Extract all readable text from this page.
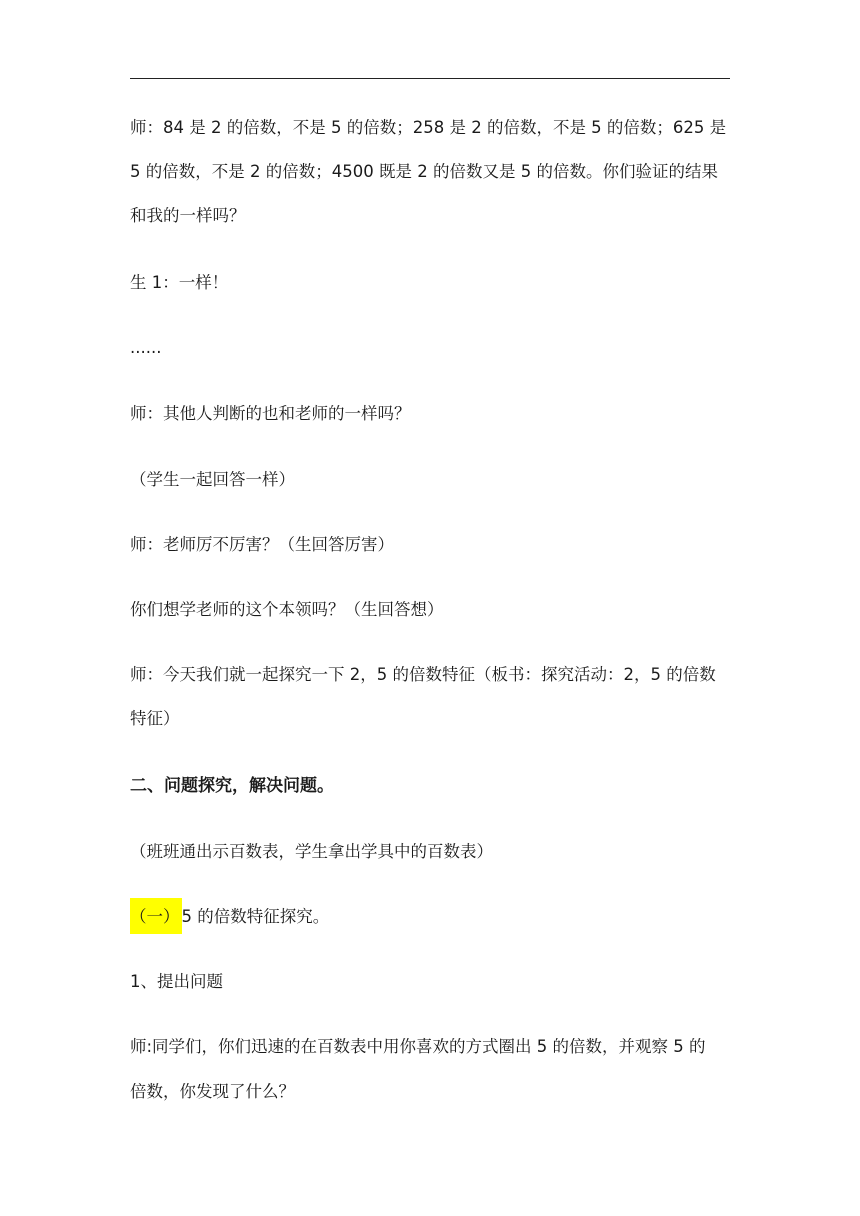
师：84 是 2 的倍数，不是 5 的倍数；258 是 2 的倍数，不是 5 的倍数；625 是
5 的倍数，不是 2 的倍数；4500 既是 2 的倍数又是 5 的倍数。你们验证的结果
和我的一样吗？
生 1：一样！
......
师：其他人判断的也和老师的一样吗？
（学生一起回答一样）
师：老师厉不厉害？（生回答厉害）
你们想学老师的这个本领吗？（生回答想）
师：今天我们就一起探究一下 2，5 的倍数特征（板书：探究活动：2，5 的倍数
特征）
二、问题探究，解决问题。
（班班通出示百数表，学生拿出学具中的百数表）
（一） 5 的倍数特征探究。
1、提出问题
师:同学们，你们迅速的在百数表中用你喜欢的方式圈出 5 的倍数，并观察 5 的
倍数，你发现了什么？
